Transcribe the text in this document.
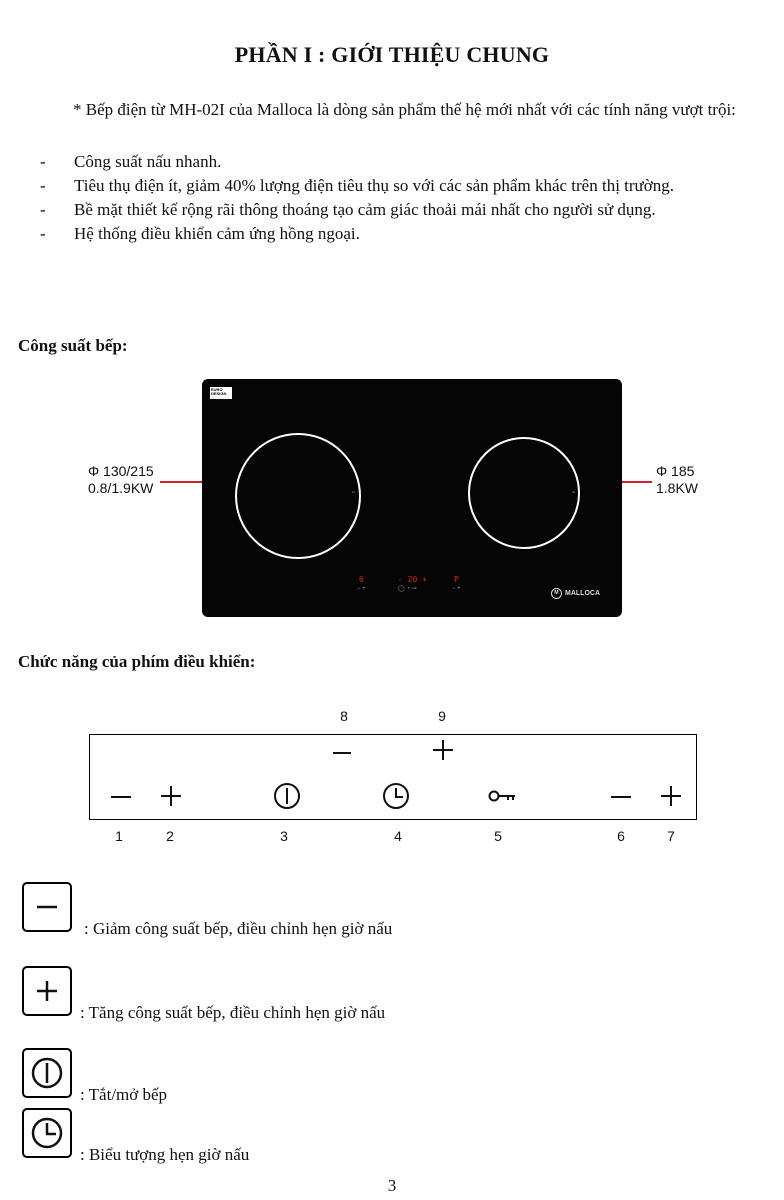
PHẦN I : GIỚI THIỆU CHUNG
* Bếp điện từ MH-02I của Malloca là dòng sản phẩm thế hệ mới nhất với các tính năng vượt trội:
- Công suất nấu nhanh.
- Tiêu thụ điện ít, giảm 40% lượng điện tiêu thụ so với các sản phẩm khác trên thị trường.
- Bề mặt thiết kế rộng rãi thông thoáng tạo cảm giác thoải mái nhất cho người sử dụng.
- Hệ thống điều khiển cảm ứng hồng ngoại.
Công suất bếp:
Φ 130/215
0.8/1.9KW
Φ 185
1.8KW
EURO DESIGN
▪▪▪	▪▪▪
6	- 20 +	P
− +	◯ ◔ ⊸	− +
M MALLOCA
Chức năng của phím điều khiển:
8	9
1	2	3	4	5	6	7
: Giảm công suất bếp, điều chỉnh hẹn giờ nấu
: Tăng công suất bếp, điều chỉnh hẹn giờ nấu
: Tắt/mở bếp
: Biểu tượng hẹn giờ nấu
3
